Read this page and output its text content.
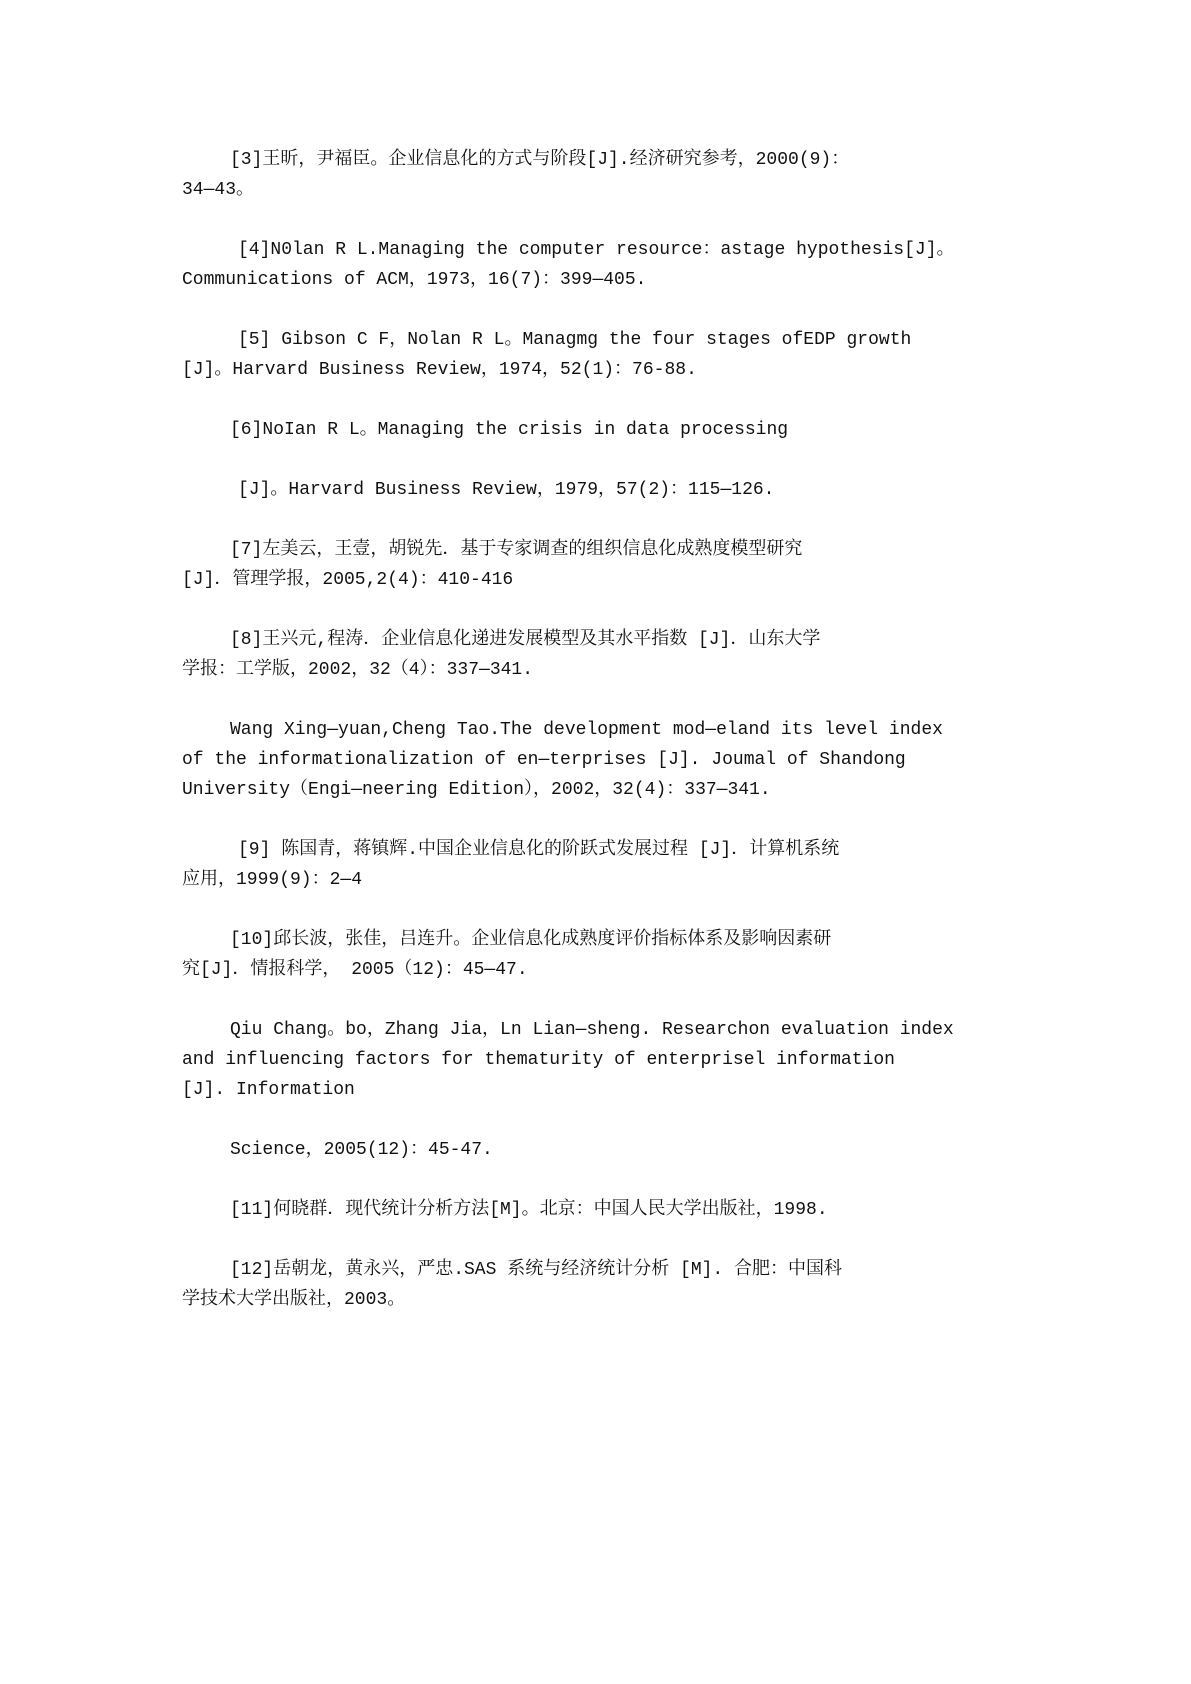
[3]王昕，尹福臣。企业信息化的方式与阶段[J].经济研究参考，2000(9)：
34—43。
[4]N0lan R L.Managing the computer resource：astage hypothesis[J]。
Communications of ACM，1973，16(7)：399—405.
[5] Gibson C F，Nolan R L。Managmg the four stages ofEDP growth
[J]。Harvard Business Review，1974，52(1)：76-88.
[6]NoIan R L。Managing the crisis in data processing
[J]。Harvard Business Review，1979，57(2)：115—126.
[7]左美云，王壹，胡锐先．基于专家调查的组织信息化成熟度模型研究
[J]．管理学报，2005,2(4)：410-416
[8]王兴元,程涛．企业信息化递进发展模型及其水平指数 [J]．山东大学
学报：工学版，2002，32（4）：337—341.
Wang Xing—yuan,Cheng Tao.The development mod—eland its level index
of the informationalization of en—terprises [J]. Joumal of Shandong
University（Engi—neering Edition），2002，32(4)：337—341.
[9] 陈国青，蒋镇辉.中国企业信息化的阶跃式发展过程 [J]．计算机系统
应用，1999(9)：2—4
[10]邱长波，张佳，吕连升。企业信息化成熟度评价指标体系及影响因素研
究[J]．情报科学， 2005（12)：45—47.
Qiu Chang。bo，Zhang Jia，Ln Lian—sheng. Researchon evaluation index
and influencing factors for thematurity of enterprisel information
[J]. Information
Science，2005(12)：45-47.
[11]何晓群．现代统计分析方法[M]。北京：中国人民大学出版社，1998.
[12]岳朝龙，黄永兴，严忠.SAS 系统与经济统计分析 [M]. 合肥：中国科
学技术大学出版社，2003。
